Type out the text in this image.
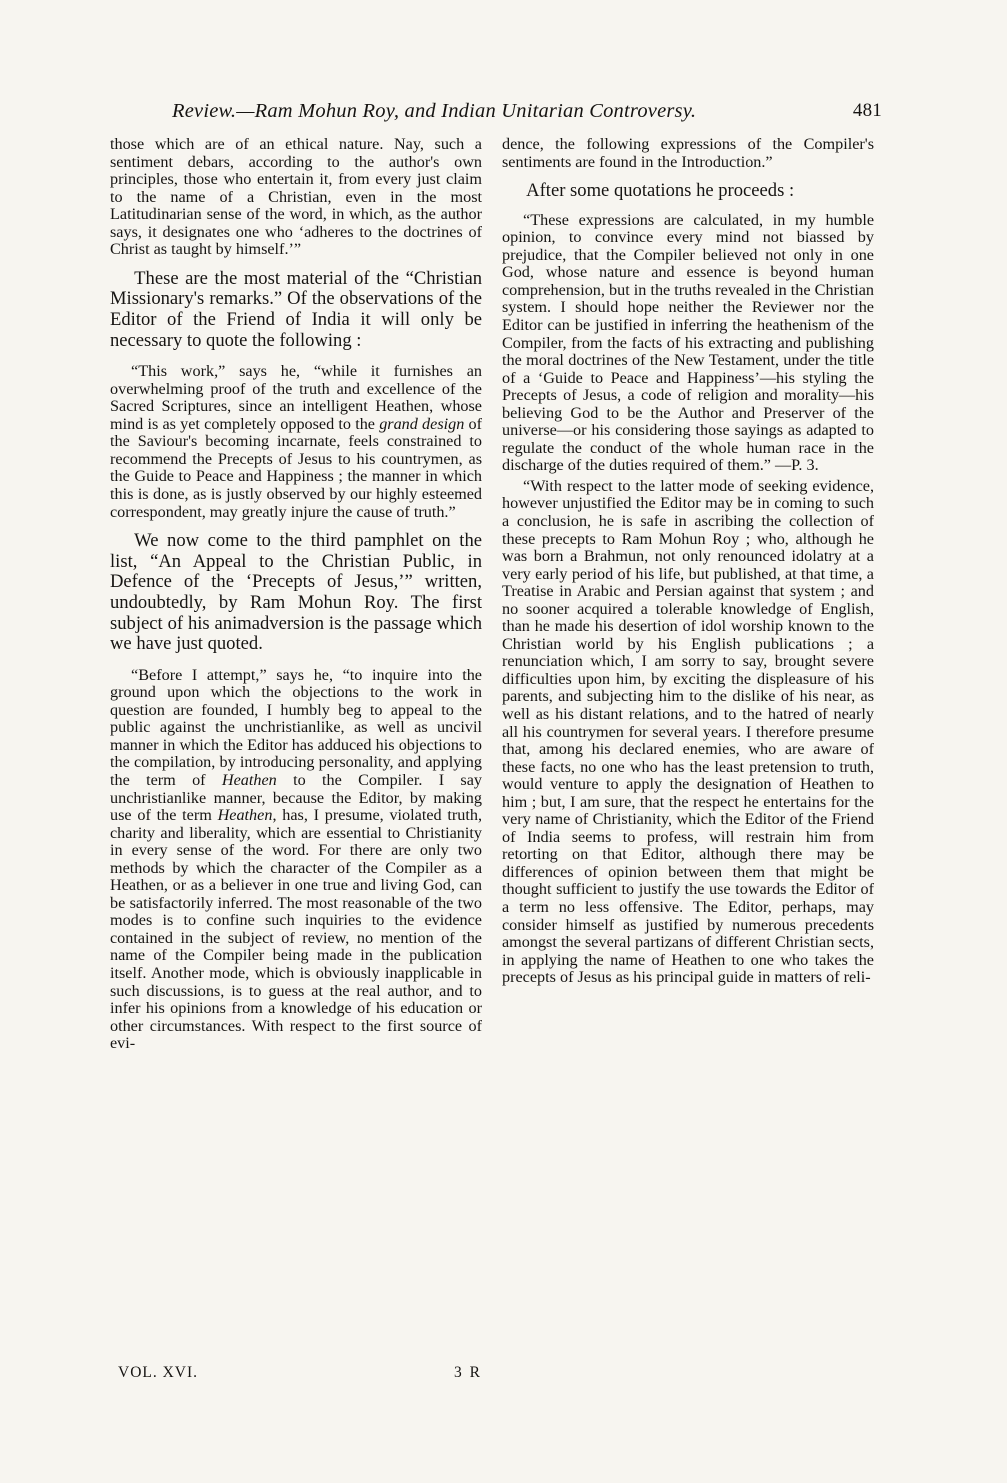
Review.—Ram Mohun Roy, and Indian Unitarian Controversy.	481

those which are of an ethical nature. Nay, such a sentiment debars, according to the author's own principles, those who entertain it, from every just claim to the name of a Christian, even in the most Latitudinarian sense of the word, in which, as the author says, it designates one who ‘adheres to the doctrines of Christ as taught by himself.’”

These are the most material of the “Christian Missionary's remarks.” Of the observations of the Editor of the Friend of India it will only be necessary to quote the following :

“This work,” says he, “while it furnishes an overwhelming proof of the truth and excellence of the Sacred Scriptures, since an intelligent Heathen, whose mind is as yet completely opposed to the grand design of the Saviour's becoming incarnate, feels constrained to recommend the Precepts of Jesus to his countrymen, as the Guide to Peace and Happiness ; the manner in which this is done, as is justly observed by our highly esteemed correspondent, may greatly injure the cause of truth.”

We now come to the third pamphlet on the list, “An Appeal to the Christian Public, in Defence of the ‘Precepts of Jesus,’” written, undoubtedly, by Ram Mohun Roy. The first subject of his animadversion is the passage which we have just quoted.

“Before I attempt,” says he, “to inquire into the ground upon which the objections to the work in question are founded, I humbly beg to appeal to the public against the unchristianlike, as well as uncivil manner in which the Editor has adduced his objections to the compilation, by introducing personality, and applying the term of Heathen to the Compiler. I say unchristianlike manner, because the Editor, by making use of the term Heathen, has, I presume, violated truth, charity and liberality, which are essential to Christianity in every sense of the word. For there are only two methods by which the character of the Compiler as a Heathen, or as a believer in one true and living God, can be satisfactorily inferred. The most reasonable of the two modes is to confine such inquiries to the evidence contained in the subject of review, no mention of the name of the Compiler being made in the publication itself. Another mode, which is obviously inapplicable in such discussions, is to guess at the real author, and to infer his opinions from a knowledge of his education or other circumstances. With respect to the first source of evi-

dence, the following expressions of the Compiler's sentiments are found in the Introduction.”

After some quotations he proceeds :

“These expressions are calculated, in my humble opinion, to convince every mind not biassed by prejudice, that the Compiler believed not only in one God, whose nature and essence is beyond human comprehension, but in the truths revealed in the Christian system. I should hope neither the Reviewer nor the Editor can be justified in inferring the heathenism of the Compiler, from the facts of his extracting and publishing the moral doctrines of the New Testament, under the title of a ‘Guide to Peace and Happiness’—his styling the Precepts of Jesus, a code of religion and morality—his believing God to be the Author and Preserver of the universe—or his considering those sayings as adapted to regulate the conduct of the whole human race in the discharge of the duties required of them.” —P. 3.

“With respect to the latter mode of seeking evidence, however unjustified the Editor may be in coming to such a conclusion, he is safe in ascribing the collection of these precepts to Ram Mohun Roy ; who, although he was born a Brahmun, not only renounced idolatry at a very early period of his life, but published, at that time, a Treatise in Arabic and Persian against that system ; and no sooner acquired a tolerable knowledge of English, than he made his desertion of idol worship known to the Christian world by his English publications ; a renunciation which, I am sorry to say, brought severe difficulties upon him, by exciting the displeasure of his parents, and subjecting him to the dislike of his near, as well as his distant relations, and to the hatred of nearly all his countrymen for several years. I therefore presume that, among his declared enemies, who are aware of these facts, no one who has the least pretension to truth, would venture to apply the designation of Heathen to him ; but, I am sure, that the respect he entertains for the very name of Christianity, which the Editor of the Friend of India seems to profess, will restrain him from retorting on that Editor, although there may be differences of opinion between them that might be thought sufficient to justify the use towards the Editor of a term no less offensive. The Editor, perhaps, may consider himself as justified by numerous precedents amongst the several partizans of different Christian sects, in applying the name of Heathen to one who takes the precepts of Jesus as his principal guide in matters of reli-

VOL. XVI.	3 R
